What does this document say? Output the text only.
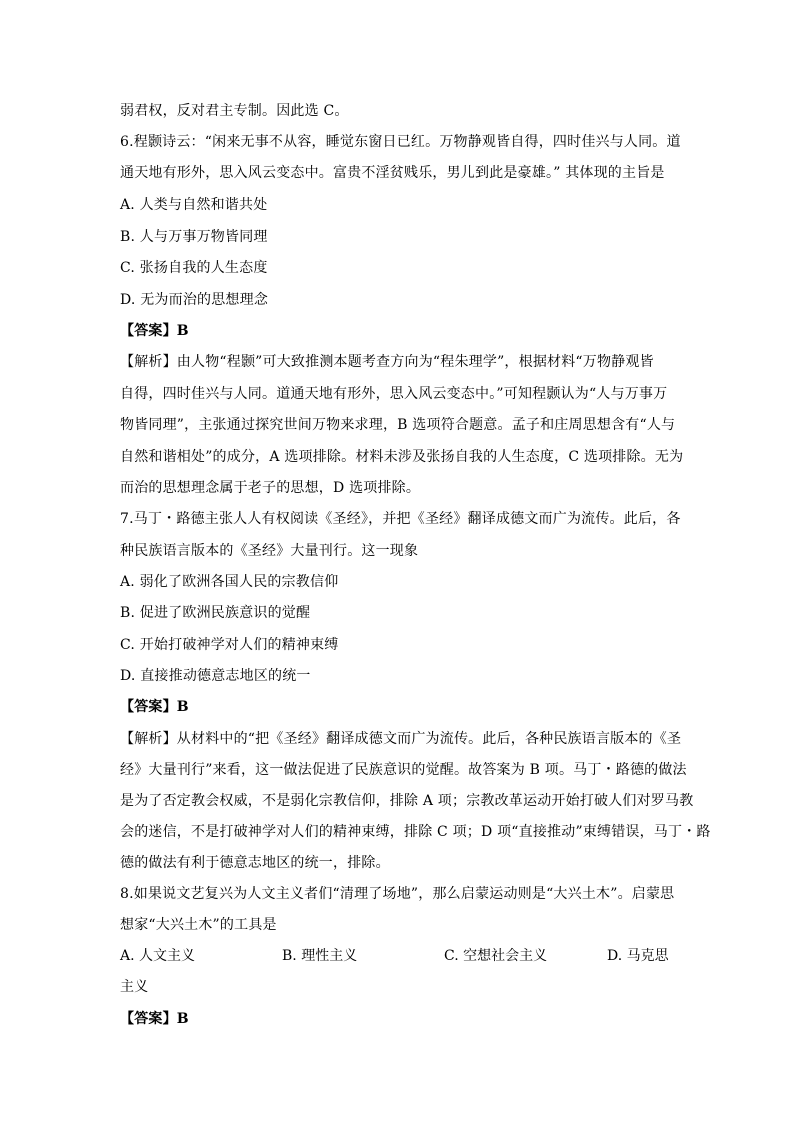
弱君权，反对君主专制。因此选 C。
6.程颢诗云：“闲来无事不从容，睡觉东窗日已红。万物静观皆自得，四时佳兴与人同。道
通天地有形外，思入风云变态中。富贵不淫贫贱乐，男儿到此是豪雄。” 其体现的主旨是
A. 人类与自然和谐共处
B. 人与万事万物皆同理
C. 张扬自我的人生态度
D. 无为而治的思想理念
【答案】B
【解析】由人物“程颢”可大致推测本题考查方向为“程朱理学”，根据材料“万物静观皆
自得，四时佳兴与人同。道通天地有形外，思入风云变态中。”可知程颢认为“人与万事万
物皆同理”，主张通过探究世间万物来求理，B 选项符合题意。孟子和庄周思想含有“人与
自然和谐相处”的成分，A 选项排除。材料未涉及张扬自我的人生态度，C 选项排除。无为
而治的思想理念属于老子的思想，D 选项排除。
7.马丁・路德主张人人有权阅读《圣经》，并把《圣经》翻译成德文而广为流传。此后，各
种民族语言版本的《圣经》大量刊行。这一现象
A. 弱化了欧洲各国人民的宗教信仰
B. 促进了欧洲民族意识的觉醒
C. 开始打破神学对人们的精神束缚
D. 直接推动德意志地区的统一
【答案】B
【解析】从材料中的“把《圣经》翻译成德文而广为流传。此后，各种民族语言版本的《圣
经》大量刊行”来看，这一做法促进了民族意识的觉醒。故答案为 B 项。马丁・路德的做法
是为了否定教会权威，不是弱化宗教信仰，排除 A 项；宗教改革运动开始打破人们对罗马教
会的迷信，不是打破神学对人们的精神束缚，排除 C 项；D 项“直接推动”束缚错误，马丁・路
德的做法有利于德意志地区的统一，排除。
8.如果说文艺复兴为人文主义者们“清理了场地”，那么启蒙运动则是“大兴土木”。启蒙思
想家“大兴土木”的工具是
A. 人文主义	B. 理性主义	C. 空想社会主义	D. 马克思
主义
【答案】B
